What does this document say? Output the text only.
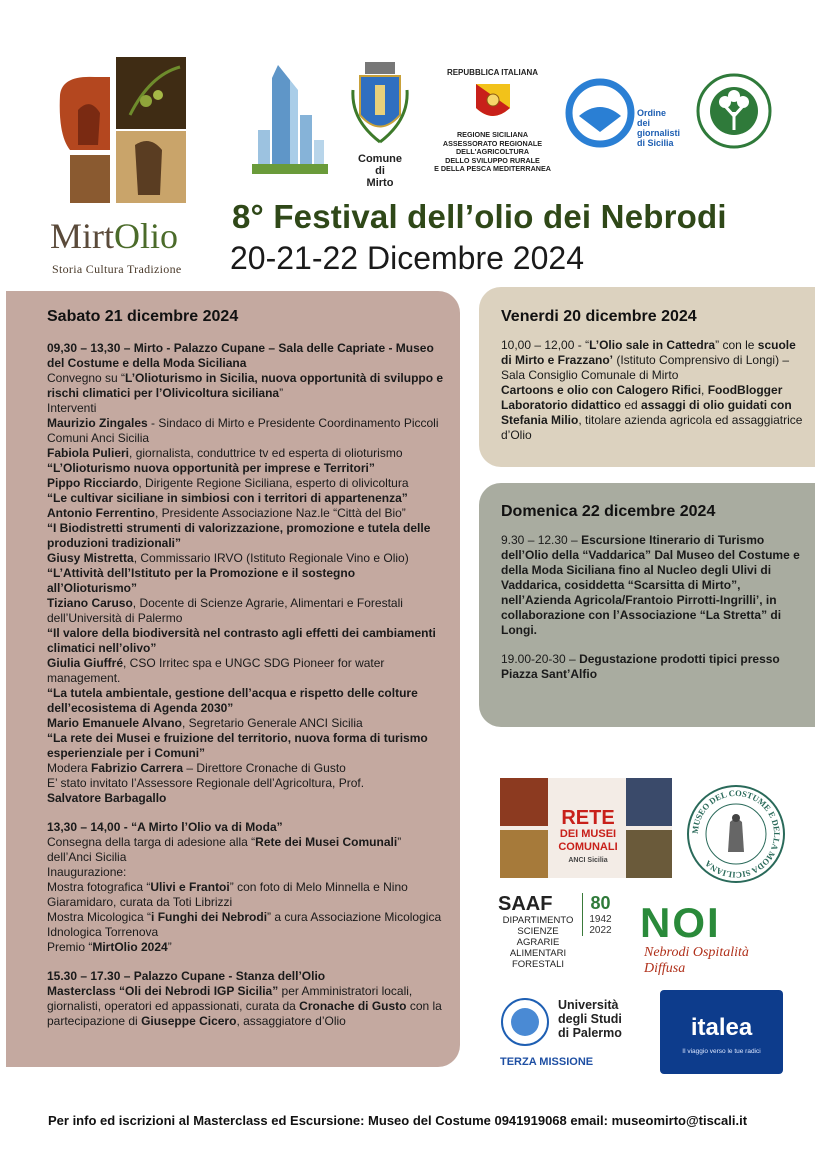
MirtOlio
Storia Cultura Tradizione
Comune
di
Mirto
REPUBBLICA ITALIANA
REGIONE SICILIANA
ASSESSORATO REGIONALE
DELL'AGRICOLTURA
DELLO SVILUPPO RURALE
E DELLA PESCA MEDITERRANEA
Ordine
dei
giornalisti
di Sicilia
8° Festival dell’olio dei Nebrodi
20-21-22 Dicembre 2024
Sabato 21 dicembre 2024

09,30 – 13,30 – Mirto - Palazzo Cupane – Sala delle Capriate - Museo del Costume e della Moda Siciliana

Convegno su “L’Olioturismo in Sicilia, nuova opportunità di sviluppo e rischi climatici per l’Olivicoltura siciliana”

Interventi

Maurizio Zingales - Sindaco di Mirto e Presidente Coordinamento Piccoli Comuni Anci Sicilia

Fabiola Pulieri, giornalista, conduttrice tv ed esperta di olioturismo

“L’Olioturismo nuova opportunità per imprese e Territori”

Pippo Ricciardo, Dirigente Regione Siciliana, esperto di olivicoltura

“Le cultivar siciliane in simbiosi con i territori di appartenenza”

Antonio Ferrentino, Presidente Associazione Naz.le “Città del Bio”

“I Biodistretti strumenti di valorizzazione, promozione e tutela delle produzioni tradizionali”

Giusy Mistretta, Commissario IRVO (Istituto Regionale Vino e Olio)

“L’Attività dell’Istituto per la Promozione e il sostegno all’Olioturismo”

Tiziano Caruso, Docente di Scienze Agrarie, Alimentari e Forestali dell’Università di Palermo

“Il valore della biodiversità nel contrasto agli effetti dei cambiamenti climatici nell’olivo”

Giulia Giuffré, CSO Irritec spa e UNGC SDG Pioneer for water management.

“La tutela ambientale, gestione dell’acqua e rispetto delle colture dell’ecosistema di Agenda 2030”

Mario Emanuele Alvano, Segretario Generale ANCI Sicilia

“La rete dei Musei e fruizione del territorio, nuova forma di turismo esperienziale per i Comuni”

Modera Fabrizio Carrera – Direttore Cronache di Gusto

E’ stato invitato l’Assessore Regionale dell’Agricoltura, Prof.

Salvatore Barbagallo

13,30 – 14,00 - “A Mirto l’Olio va di Moda”

Consegna della targa di adesione alla “Rete dei Musei Comunali” dell’Anci Sicilia

Inaugurazione:

Mostra fotografica “Ulivi e Frantoi” con foto di Melo Minnella e Nino Giaramidaro, curata da Toti Librizzi

Mostra Micologica “i Funghi dei Nebrodi” a cura Associazione Micologica Idnologica Torrenova

Premio “MirtOlio 2024”

15.30 – 17.30 – Palazzo Cupane - Stanza dell’Olio

Masterclass “Oli dei Nebrodi IGP Sicilia” per Amministratori locali, giornalisti, operatori ed appassionati, curata da Cronache di Gusto con la partecipazione di Giuseppe Cicero, assaggiatore d’Olio

Venerdi 20 dicembre 2024

10,00 – 12,00 - “L’Olio sale in Cattedra” con le scuole di Mirto e Frazzano’ (Istituto Comprensivo di Longi) – Sala Consiglio Comunale di Mirto

Cartoons e olio con Calogero Rifici, FoodBlogger Laboratorio didattico ed assaggi di olio guidati con Stefania Milio, titolare azienda agricola ed assaggiatrice d’Olio

Domenica 22 dicembre 2024

9.30 – 12.30 – Escursione Itinerario di Turismo dell’Olio della “Vaddarica” Dal Museo del Costume e della Moda Siciliana fino al Nucleo degli Ulivi di Vaddarica, cosiddetta “Scarsitta di Mirto”, nell’Azienda Agricola/Frantoio Pirrotti-Ingrilli’, in collaborazione con l’Associazione “La Stretta” di Longi.

19.00-20-30 – Degustazione prodotti tipici presso Piazza Sant’Alfio

RETE
DEI MUSEI
COMUNALI
ANCI Sicilia
MUSEO DEL COSTUME E DELLA MODA SICILIANA
SAAF
DIPARTIMENTO
SCIENZE
AGRARIE
ALIMENTARI
FORESTALI
80
1942
2022 NOI
Nebrodi Ospitalità Diffusa
Università
degli Studi
di Palermo
TERZA MISSIONE
italea
Il viaggio verso le tue radici
Per info ed iscrizioni al Masterclass ed Escursione: Museo del Costume 0941919068 email: museomirto@tiscali.it
